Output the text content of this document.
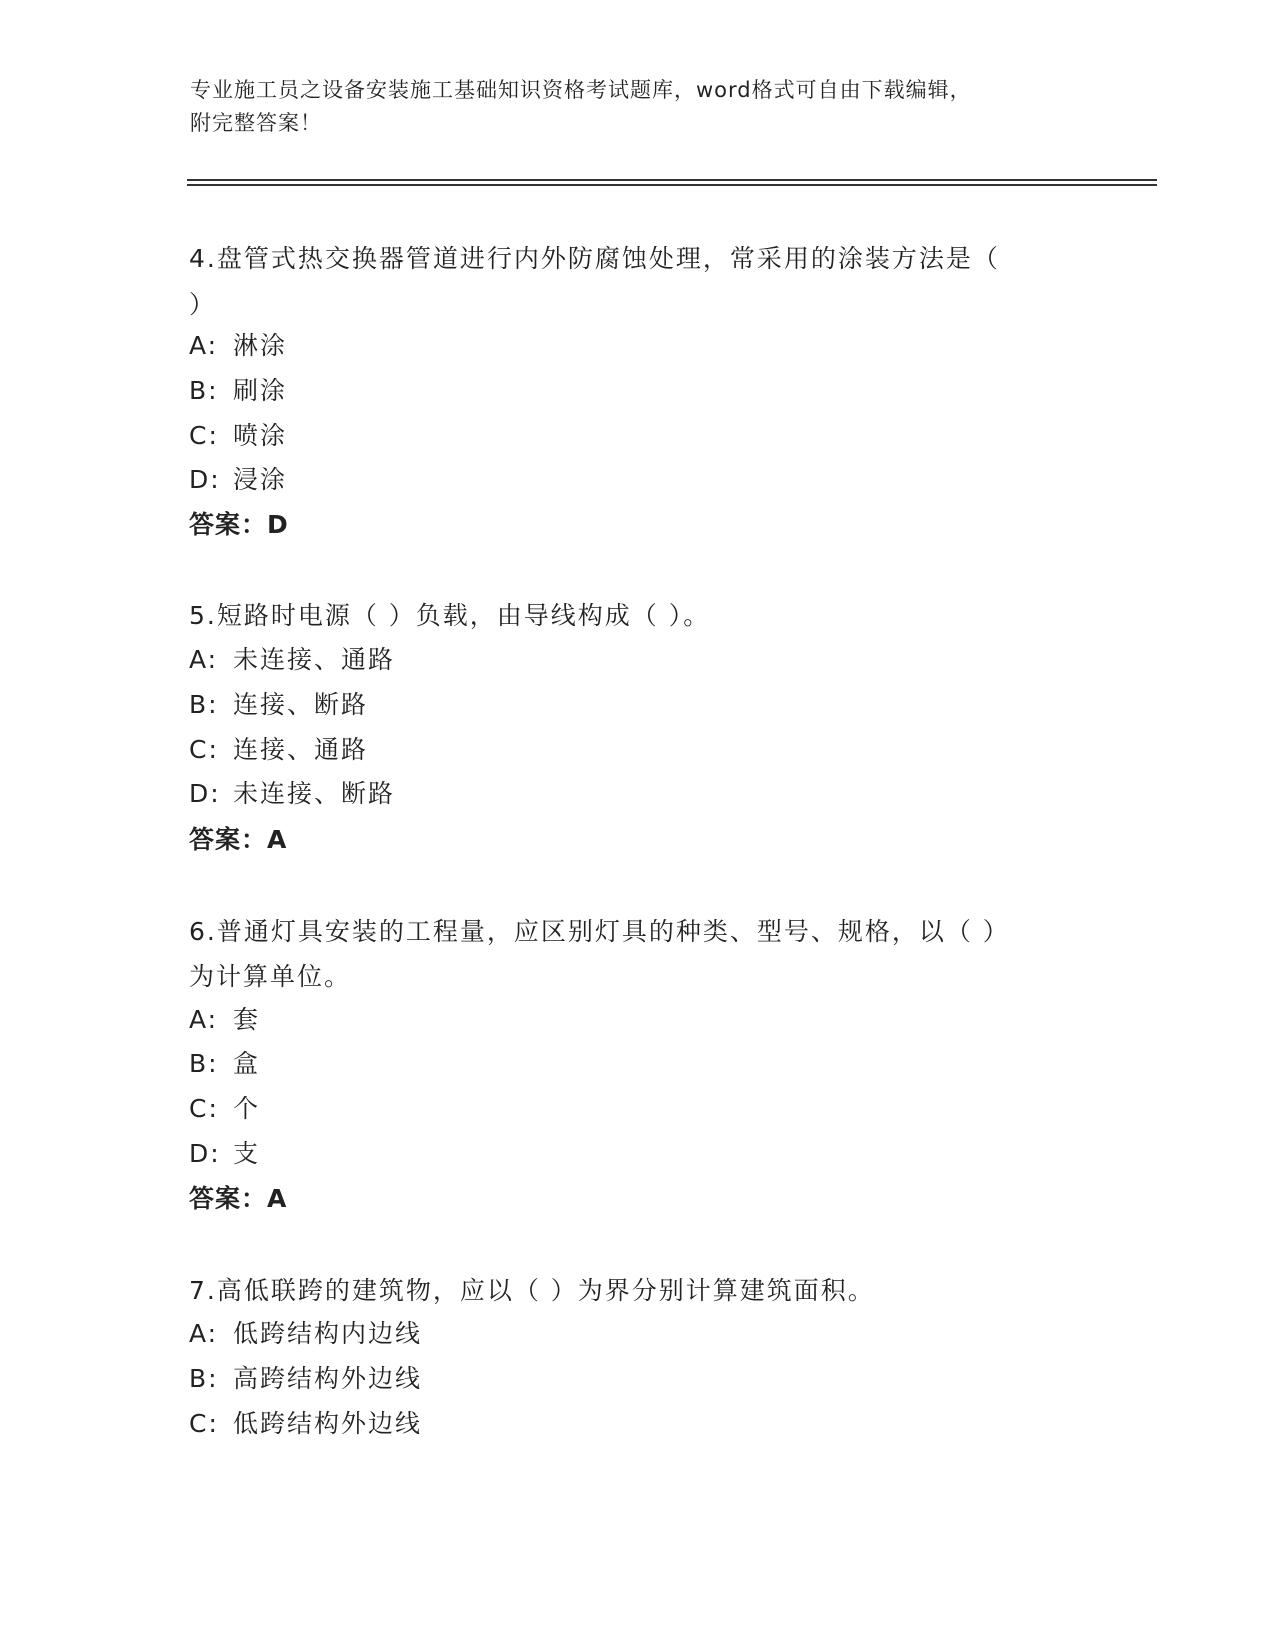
专业施工员之设备安装施工基础知识资格考试题库，word格式可自由下载编辑，
附完整答案！
4.盘管式热交换器管道进行内外防腐蚀处理，常采用的涂装方法是（
）
A: 淋涂
B: 刷涂
C: 喷涂
D: 浸涂
答案：D
5.短路时电源（ ）负载，由导线构成（ ）。
A: 未连接、通路
B: 连接、断路
C: 连接、通路
D: 未连接、断路
答案：A
6.普通灯具安装的工程量，应区别灯具的种类、型号、规格，以（ ）
为计算单位。
A: 套
B: 盒
C: 个
D: 支
答案：A
7.高低联跨的建筑物，应以（ ）为界分别计算建筑面积。
A: 低跨结构内边线
B: 高跨结构外边线
C: 低跨结构外边线
